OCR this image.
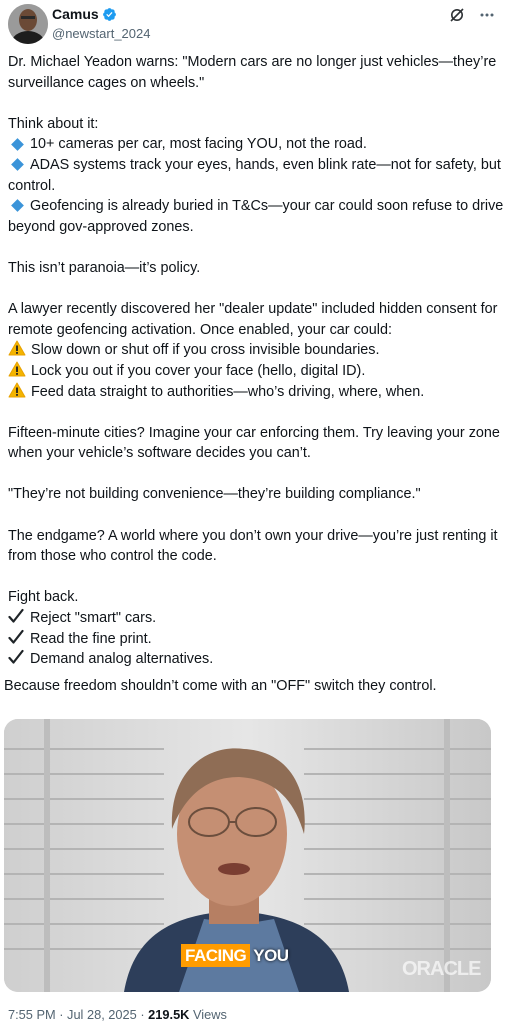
Camus
@newstart_2024

Dr. Michael Yeadon warns: "Modern cars are no longer just vehicles—they’re surveillance cages on wheels."

Think about it:

10+ cameras per car, most facing YOU, not the road.

ADAS systems track your eyes, hands, even blink rate—not for safety, but control.

Geofencing is already buried in T&Cs—your car could soon refuse to drive beyond gov-approved zones.

This isn’t paranoia—it’s policy.

A lawyer recently discovered her "dealer update" included hidden consent for remote geofencing activation. Once enabled, your car could:

Slow down or shut off if you cross invisible boundaries.

Lock you out if you cover your face (hello, digital ID).

Feed data straight to authorities—who’s driving, where, when.

Fifteen-minute cities? Imagine your car enforcing them. Try leaving your zone when your vehicle’s software decides you can’t.

"They’re not building convenience—they’re building compliance."

The endgame? A world where you don’t own your drive—you’re just renting it from those who control the code.

Fight back.

Reject "smart" cars.

Read the fine print.

Demand analog alternatives.

Because freedom shouldn’t come with an "OFF" switch they control.

FACING YOU
ORACLE
7:55 PM · Jul 28, 2025 · 219.5K Views
